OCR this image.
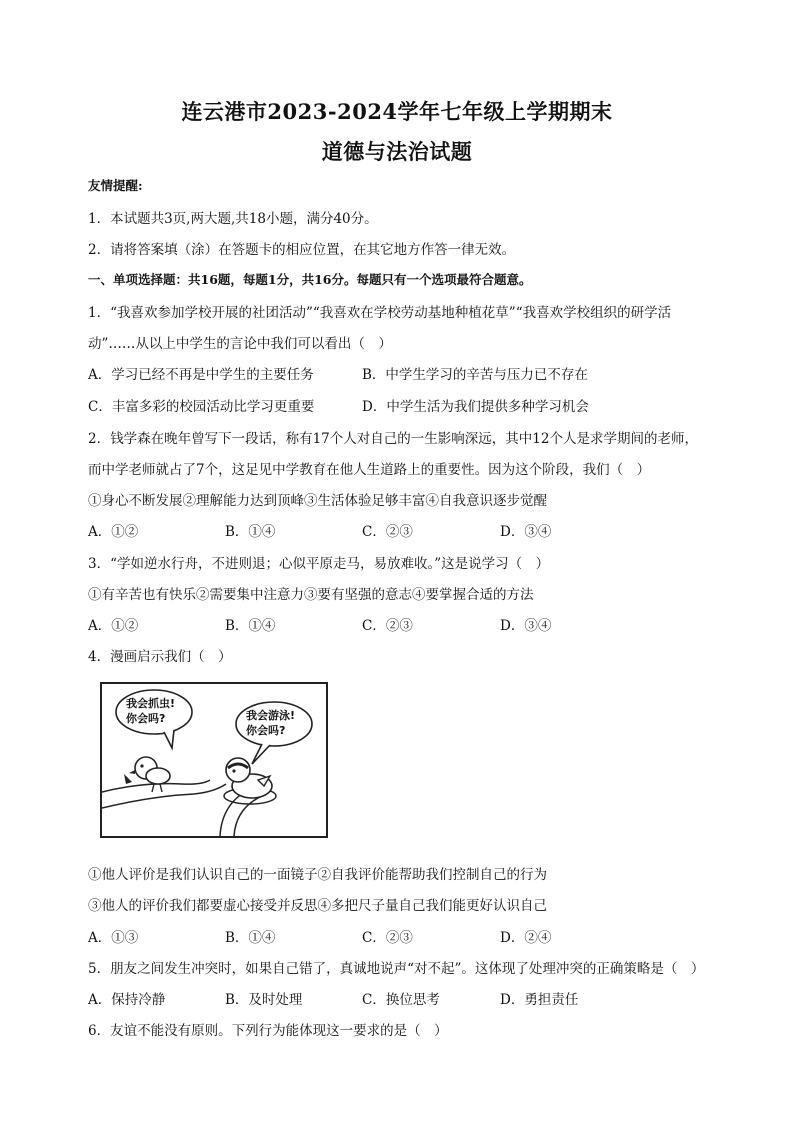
连云港市2023-2024学年七年级上学期期末
道德与法治试题
友情提醒:
1．本试题共3页,两大题,共18小题，满分40分。
2．请将答案填（涂）在答题卡的相应位置，在其它地方作答一律无效。
一、单项选择题：共16题，每题1分，共16分。每题只有一个选项最符合题意。
1．“我喜欢参加学校开展的社团活动”“我喜欢在学校劳动基地种植花草”“我喜欢学校组织的研学活
动”……从以上中学生的言论中我们可以看出（　）
A．学习已经不再是中学生的主要任务	B．中学生学习的辛苦与压力已不存在
C．丰富多彩的校园活动比学习更重要	D．中学生活为我们提供多种学习机会
2．钱学森在晚年曾写下一段话，称有17个人对自己的一生影响深远，其中12个人是求学期间的老师，
而中学老师就占了7个，这足见中学教育在他人生道路上的重要性。因为这个阶段，我们（　）
①身心不断发展②理解能力达到顶峰③生活体验足够丰富④自我意识逐步觉醒
A．①②	B．①④	C．②③	D．③④
3．“学如逆水行舟，不进则退；心似平原走马，易放难收。”这是说学习（　）
①有辛苦也有快乐②需要集中注意力③要有坚强的意志④要掌握合适的方法
A．①②	B．①④	C．②③	D．③④
4．漫画启示我们（　）
我会抓虫!
你会吗?	我会游泳!
你会吗?
①他人评价是我们认识自己的一面镜子②自我评价能帮助我们控制自己的行为
③他人的评价我们都要虚心接受并反思④多把尺子量自己我们能更好认识自己
A．①③	B．①④	C．②③	D．②④
5．朋友之间发生冲突时，如果自己错了，真诚地说声“对不起”。这体现了处理冲突的正确策略是（　）
A．保持冷静	B．及时处理	C．换位思考	D．勇担责任
6．友谊不能没有原则。下列行为能体现这一要求的是（　）
